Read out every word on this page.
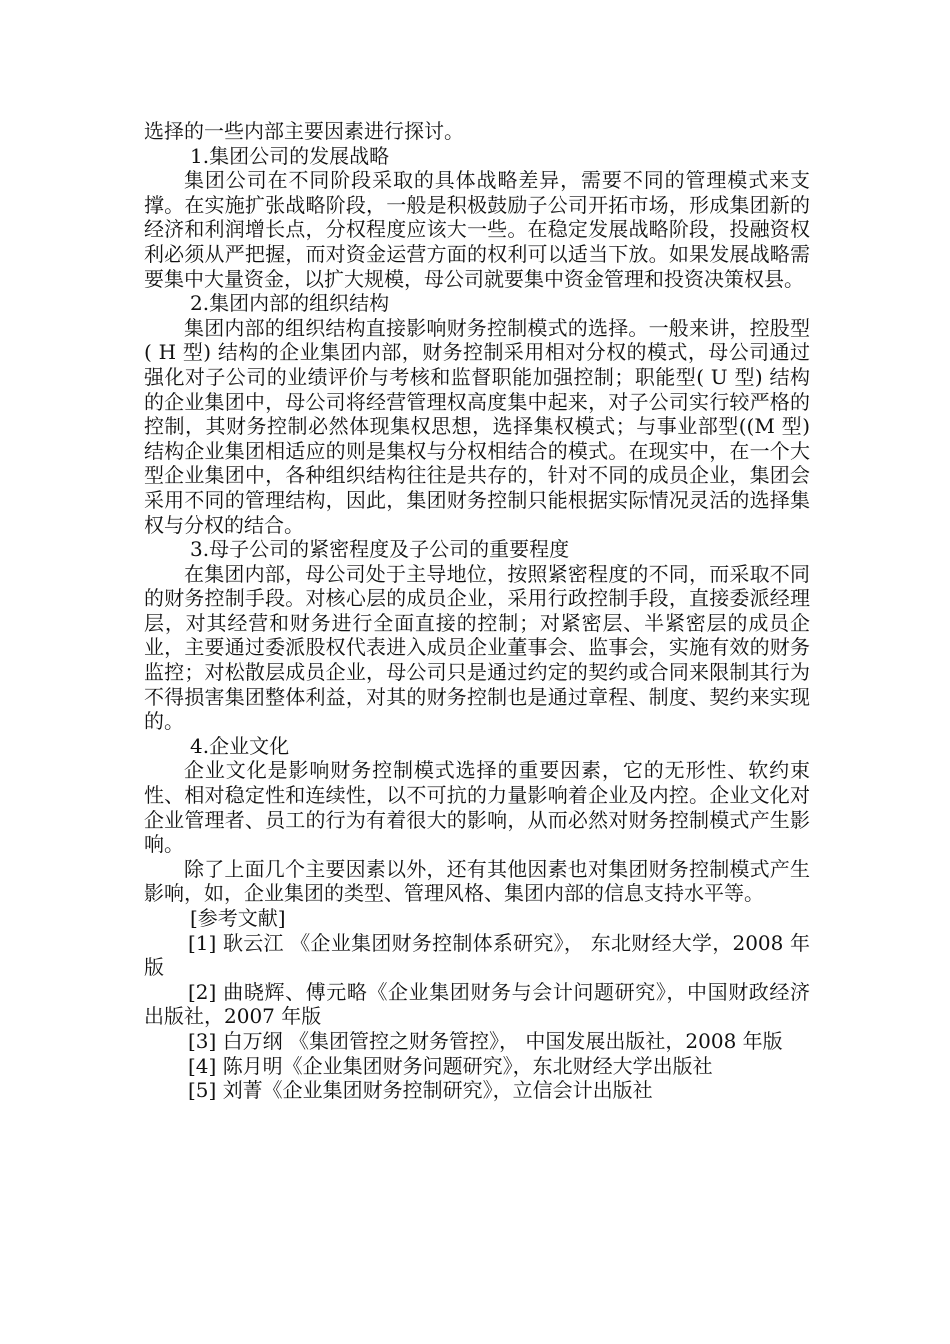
选择的一些内部主要因素进行探讨。

1.集团公司的发展战略

集团公司在不同阶段采取的具体战略差异，需要不同的管理模式来支撑。在实施扩张战略阶段，一般是积极鼓励子公司开拓市场，形成集团新的经济和利润增长点，分权程度应该大一些。在稳定发展战略阶段，投融资权利必须从严把握，而对资金运营方面的权利可以适当下放。如果发展战略需要集中大量资金，以扩大规模，母公司就要集中资金管理和投资决策权县。

2.集团内部的组织结构

集团内部的组织结构直接影响财务控制模式的选择。一般来讲，控股型( H 型) 结构的企业集团内部，财务控制采用相对分权的模式，母公司通过强化对子公司的业绩评价与考核和监督职能加强控制；职能型( U 型) 结构的企业集团中，母公司将经营管理权高度集中起来，对子公司实行较严格的控制，其财务控制必然体现集权思想，选择集权模式；与事业部型((M 型) 结构企业集团相适应的则是集权与分权相结合的模式。在现实中，在一个大型企业集团中，各种组织结构往往是共存的，针对不同的成员企业，集团会采用不同的管理结构，因此，集团财务控制只能根据实际情况灵活的选择集权与分权的结合。

3.母子公司的紧密程度及子公司的重要程度

在集团内部，母公司处于主导地位，按照紧密程度的不同，而采取不同的财务控制手段。对核心层的成员企业，采用行政控制手段，直接委派经理层，对其经营和财务进行全面直接的控制；对紧密层、半紧密层的成员企业，主要通过委派股权代表进入成员企业董事会、监事会，实施有效的财务监控；对松散层成员企业，母公司只是通过约定的契约或合同来限制其行为不得损害集团整体利益，对其的财务控制也是通过章程、制度、契约来实现的。

4.企业文化

企业文化是影响财务控制模式选择的重要因素，它的无形性、软约束性、相对稳定性和连续性，以不可抗的力量影响着企业及内控。企业文化对企业管理者、员工的行为有着很大的影响，从而必然对财务控制模式产生影响。

除了上面几个主要因素以外，还有其他因素也对集团财务控制模式产生影响，如，企业集团的类型、管理风格、集团内部的信息支持水平等。

[参考文献]

[1] 耿云江 《企业集团财务控制体系研究》， 东北财经大学，2008 年版

[2] 曲晓辉、傅元略《企业集团财务与会计问题研究》，中国财政经济出版社，2007 年版

[3] 白万纲 《集团管控之财务管控》， 中国发展出版社，2008 年版

[4] 陈月明《企业集团财务问题研究》，东北财经大学出版社

[5] 刘菁《企业集团财务控制研究》，立信会计出版社
